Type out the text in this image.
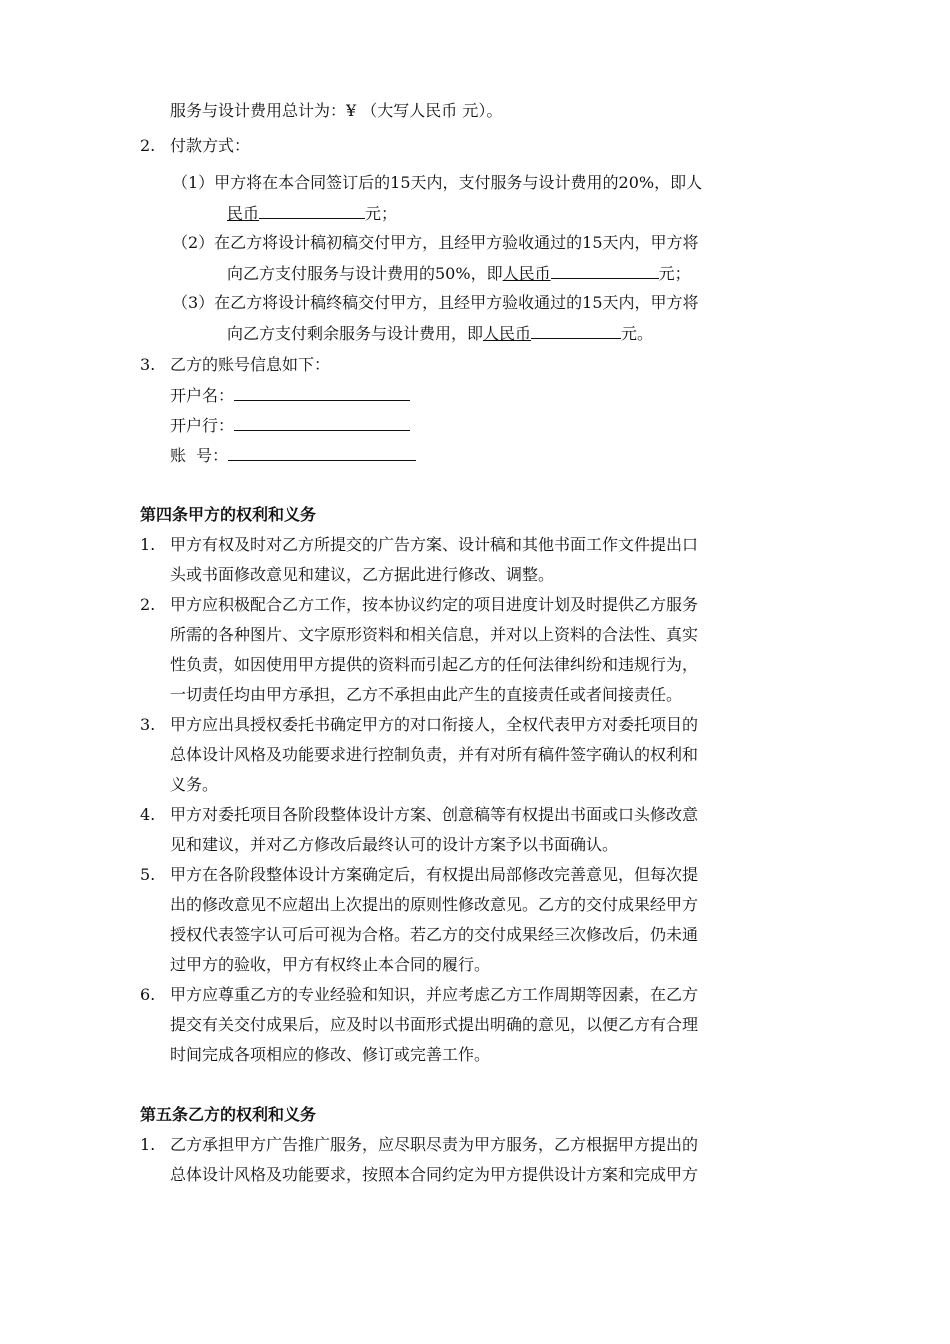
服务与设计费用总计为：¥ （大写人民币 元）。
2. 付款方式：
（1）甲方将在本合同签订后的15天内，支付服务与设计费用的20%，即人
民币	元；
（2）在乙方将设计稿初稿交付甲方，且经甲方验收通过的15天内，甲方将
向乙方支付服务与设计费用的50%，即人民币	元；
（3）在乙方将设计稿终稿交付甲方，且经甲方验收通过的15天内，甲方将
向乙方支付剩余服务与设计费用，即人民币	元。
3. 乙方的账号信息如下：
开户名：
开户行：
账  号：
第四条甲方的权利和义务
1. 甲方有权及时对乙方所提交的广告方案、设计稿和其他书面工作文件提出口
头或书面修改意见和建议，乙方据此进行修改、调整。
2. 甲方应积极配合乙方工作，按本协议约定的项目进度计划及时提供乙方服务
所需的各种图片、文字原形资料和相关信息，并对以上资料的合法性、真实
性负责，如因使用甲方提供的资料而引起乙方的任何法律纠纷和违规行为，
一切责任均由甲方承担，乙方不承担由此产生的直接责任或者间接责任。
3. 甲方应出具授权委托书确定甲方的对口衔接人，全权代表甲方对委托项目的
总体设计风格及功能要求进行控制负责，并有对所有稿件签字确认的权利和
义务。
4. 甲方对委托项目各阶段整体设计方案、创意稿等有权提出书面或口头修改意
见和建议，并对乙方修改后最终认可的设计方案予以书面确认。
5. 甲方在各阶段整体设计方案确定后，有权提出局部修改完善意见，但每次提
出的修改意见不应超出上次提出的原则性修改意见。乙方的交付成果经甲方
授权代表签字认可后可视为合格。若乙方的交付成果经三次修改后，仍未通
过甲方的验收，甲方有权终止本合同的履行。
6. 甲方应尊重乙方的专业经验和知识，并应考虑乙方工作周期等因素，在乙方
提交有关交付成果后，应及时以书面形式提出明确的意见，以便乙方有合理
时间完成各项相应的修改、修订或完善工作。
第五条乙方的权利和义务
1. 乙方承担甲方广告推广服务，应尽职尽责为甲方服务，乙方根据甲方提出的
总体设计风格及功能要求，按照本合同约定为甲方提供设计方案和完成甲方
